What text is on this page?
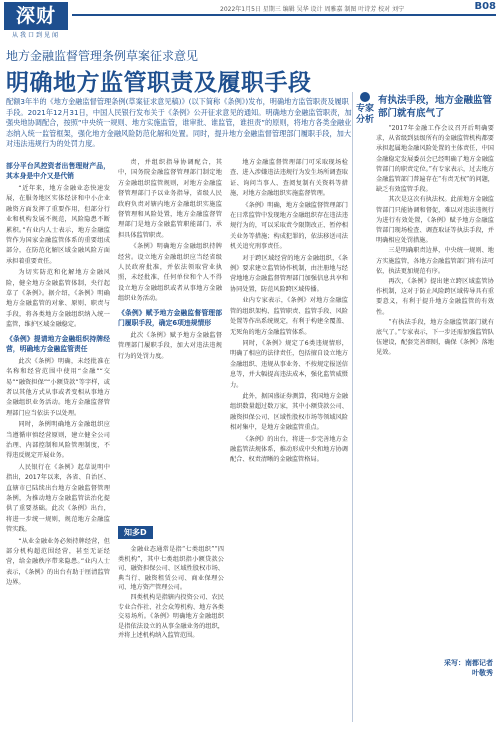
深财
从我口到见闻
2022年1月5日 星期三 编辑 吴华 设计 周雅嘉 制图 叶诗芳 校对 刘宁	B08
地方金融监督管理条例草案征求意见
明确地方监管职责及履职手段
配额3年半的《地方金融监督管理条例(草案征求意见稿)》(以下简称《条例》)发布，明确地方监管职责及履职手段。2021年12月31日，中国人民银行发布关于《条例》公开征求意见的通知。明确地方金融监管职责，加强央地协调配合，按照“中央统一规则、地方实施监管，谁审批、谁监管，谁担责”的原则，将地方各类金融业态纳入统一监管框架，强化地方金融风险防范化解和处置。同时，提升地方金融监督管理部门履职手段，加大对违法违规行为的处罚力度。
部分平台风控资者出售理财产品，其本身是中介又是代销

“近年来，地方金融业态快速发展，在服务地区实体经济和中小企业融资方面发挥了重要作用，但部分行业和机构发展不规范，风险隐患不断累积。”有业内人士表示，地方金融监管作为国家金融监管体系的重要组成部分，在防范化解区域金融风险方面承担着重要责任。

为切实防范和化解地方金融风险，健全地方金融监管体制，央行起草了《条例》。据介绍，《条例》明确地方金融监管的对象、原则、职责与手段，将各类地方金融组织纳入统一监管，维护区域金融稳定。

《条例》提请地方金融组织持牌经营，明确地方金融监管责任

此次《条例》明确，未经批准在名称和经营范围中使用“金融”“交易”“融资担保”“小额贷款”等字样，或者以其他方式从事或者变相从事地方金融组织业务活动。地方金融监督管理部门应当依法予以处理。

同时，条例明确地方金融组织应当遵循审慎经营原则，建立健全公司治理、内部控制和风险管理制度，不得违反规定开展业务。

人民银行在《条例》起草说明中指出，2017年以来，各省、自治区、直辖市已陆续出台地方金融监督管理条例，为推动地方金融监管法治化提供了重要基础。此次《条例》出台，将进一步统一规则，规范地方金融监管实践。

“从业金融业务必须持牌经营，但部分机构超范围经营，甚至无证经营，给金融秩序带来隐患。”业内人士表示，《条例》的出台有助于厘清监管边界。

责，并组织指导协调配合，其中，国务院金融监督管理部门制定地方金融组织监管规则，对地方金融监督管理部门予以业务指导，省级人民政府负责对辖内地方金融组织实施监督管理和风险处置，地方金融监督管理部门是地方金融监管职能部门，承担具体监管职责。

《条例》明确地方金融组织持牌经营。设立地方金融组织应当经省级人民政府批准，并依法领取营业执照，未经批准，任何单位和个人不得设立地方金融组织或者从事地方金融组织业务活动。

《条例》赋予地方金融监督管理部门履职手段，确定6项违规情形

此次《条例》赋予地方金融监督管理部门履职手段，加大对违法违规行为的处罚力度。

知多D

金融业态通常是指“七类组织”“四类机构”，其中七类组织指小额贷款公司、融资担保公司、区域性股权市场、典当行、融资租赁公司、商业保理公司、地方资产管理公司。

四类机构是指辖内投资公司、农民专业合作社、社会众筹机构、地方各类交易场所。《条例》明确地方金融组织是指依法设立的从事金融业务的组织，并将上述机构纳入监管范围。

地方金融监督管理部门可采取现场检查、进入涉嫌违法违规行为发生场所调查取证、询问当事人、查阅复制有关资料等措施，对地方金融组织实施监督管理。

《条例》明确，地方金融监督管理部门在日常监管中发现地方金融组织存在违法违规行为的，可以采取责令限期改正、暂停相关业务等措施；构成犯罪的，依法移送司法机关追究刑事责任。

对于跨区域经营的地方金融组织，《条例》要求建立监管协作机制，由注册地与经营地地方金融监督管理部门加强信息共享和协同处置，防范风险跨区域传播。

业内专家表示，《条例》对地方金融监管的组织架构、监管职责、监管手段、风险处置等作出系统规定，有利于构建全覆盖、无死角的地方金融监管体系。

同时，《条例》规定了6类违规情形，明确了相应的法律责任，包括擅自设立地方金融组织、违规从事业务、不按规定报送信息等，并大幅提高违法成本，强化监管威慑力。

此外，据国盛证券测算，我国地方金融组织数量超过数万家，其中小额贷款公司、融资担保公司、区域性股权市场等领域风险相对集中，是地方金融监管重点。

《条例》的出台，将进一步完善地方金融监管法规体系，推动形成中央和地方协调配合、权责清晰的金融监管格局。

专家分析
有执法手段，地方金融监管部门就有底气了

“2017年金融工作会议召开后明确要求，从省级到县级所有的金融监管机构都要承担起属地金融风险处置的主体责任，中国金融稳定发展委员会已经明确了地方金融监管部门的职责定位。”有专家表示，过去地方金融监管部门普遍存在“有责无权”的问题，缺乏有效监管手段。

其次是这次有执法权。此前地方金融监管部门只能协调和督促，难以对违法违规行为进行有效处置，《条例》赋予地方金融监管部门现场检查、调查取证等执法手段，并明确相应处罚措施。

三是明确职责边界，中央统一规则、地方实施监管，各地方金融监管部门将有法可依，执法更加规范有序。

再次，《条例》提出建立跨区域监管协作机制，这对于防止风险跨区域传导具有重要意义，有利于提升地方金融监管的有效性。

“有执法手段，地方金融监管部门就有底气了。”专家表示，下一步还需加强监管队伍建设，配套完善细则，确保《条例》落地见效。

采写：南都记者
叶敬秀
